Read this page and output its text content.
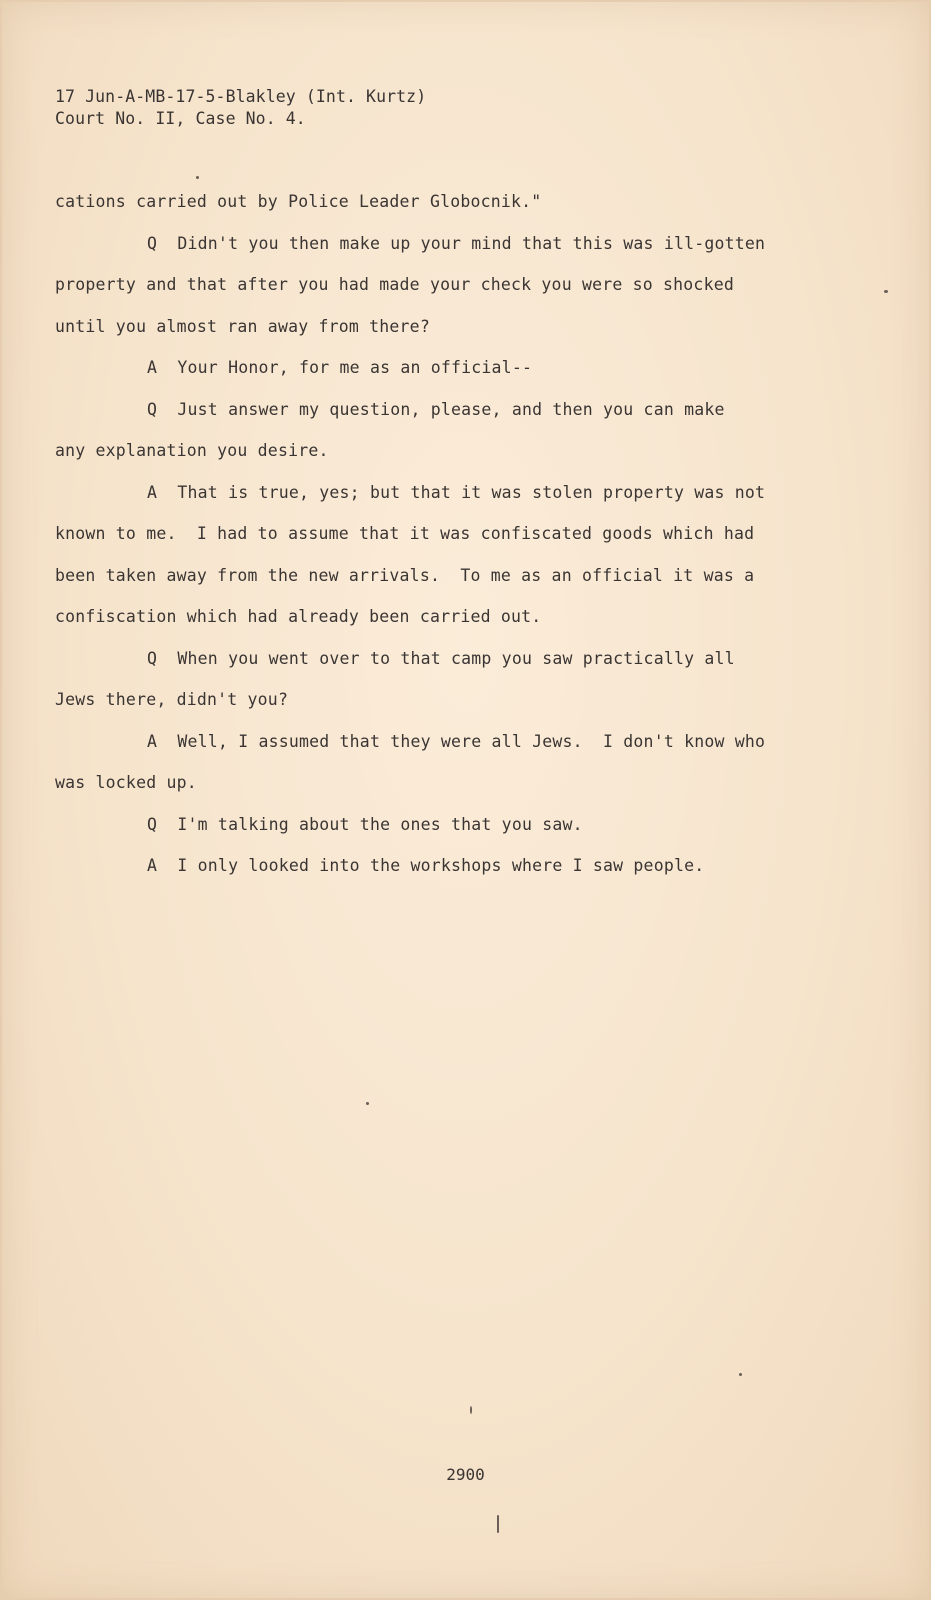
17 Jun-A-MB-17-5-Blakley (Int. Kurtz)
Court No. II, Case No. 4.
cations carried out by Police Leader Globocnik."
Q  Didn't you then make up your mind that this was ill-gotten
property and that after you had made your check you were so shocked
until you almost ran away from there?
A  Your Honor, for me as an official--
Q  Just answer my question, please, and then you can make
any explanation you desire.
A  That is true, yes; but that it was stolen property was not
known to me.  I had to assume that it was confiscated goods which had
been taken away from the new arrivals.  To me as an official it was a
confiscation which had already been carried out.
Q  When you went over to that camp you saw practically all
Jews there, didn't you?
A  Well, I assumed that they were all Jews.  I don't know who
was locked up.
Q  I'm talking about the ones that you saw.
A  I only looked into the workshops where I saw people.
2900
